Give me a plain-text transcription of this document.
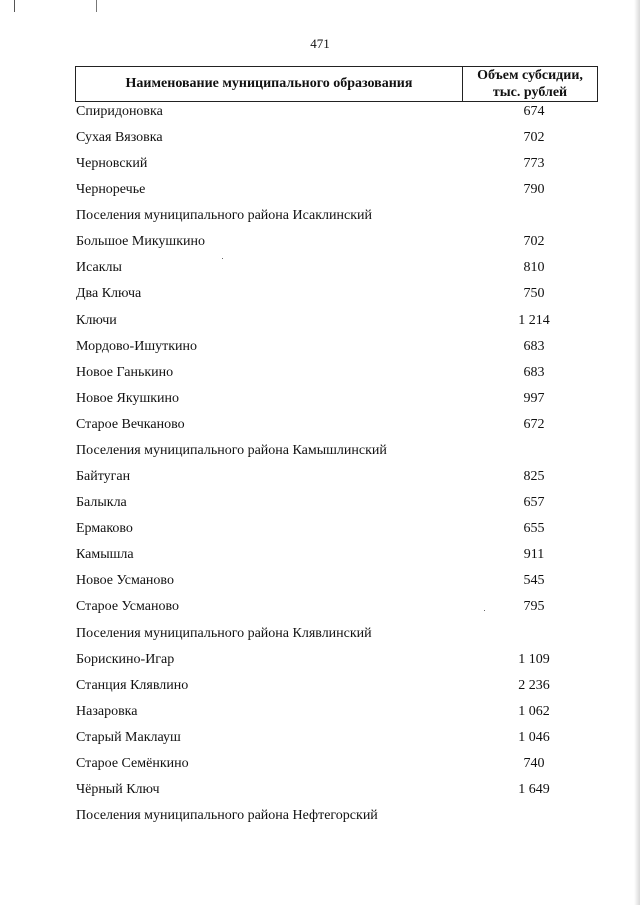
471
Наименование муниципального образования
Объем субсидии,
тыс. рублей
Спиридоновка	674
Сухая Вязовка	702
Черновский	773
Черноречье	790
Поселения муниципального района Исаклинский
Большое Микушкино	702
Исаклы	810
Два Ключа	750
Ключи	1 214
Мордово-Ишуткино	683
Новое Ганькино	683
Новое Якушкино	997
Старое Вечканово	672
Поселения муниципального района Камышлинский
Байтуган	825
Балыкла	657
Ермаково	655
Камышла	911
Новое Усманово	545
Старое Усманово	795
Поселения муниципального района Клявлинский
Борискино-Игар	1 109
Станция Клявлино	2 236
Назаровка	1 062
Старый Маклауш	1 046
Старое Семёнкино	740
Чёрный Ключ	1 649
Поселения муниципального района Нефтегорский
